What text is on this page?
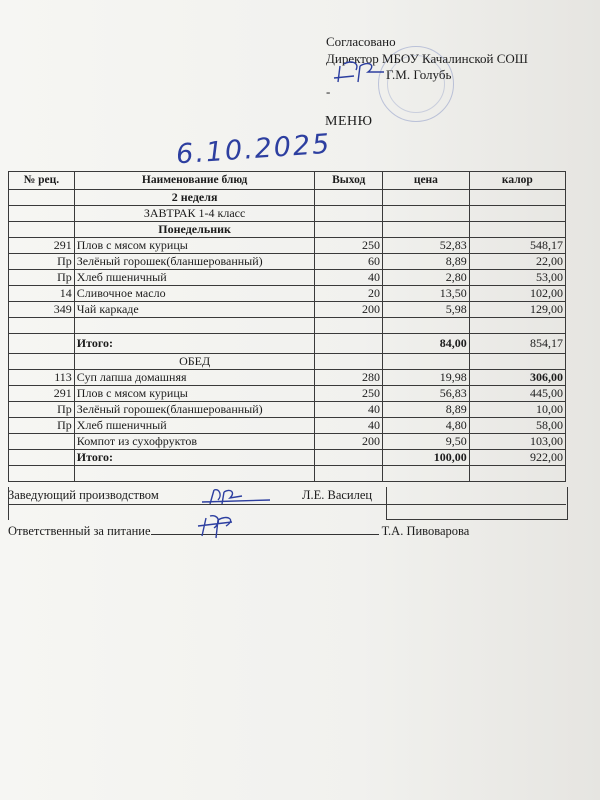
Согласовано
Директор МБОУ Качалинской СОШ
Г.М. Голубь
-
МЕНЮ
6.10.2025
№ рец.	Наименование блюд	Выход	цена	калор
	2 неделя			
	ЗАВТРАК 1-4 класс			
	Понедельник			
291	Плов с мясом курицы	250	52,83	548,17
Пр	Зелёный горошек(бланшерованный)	60	8,89	22,00
Пр	Хлеб пшеничный	40	2,80	53,00
14	Сливочное масло	20	13,50	102,00
349	Чай каркаде	200	5,98	129,00

	Итого:		84,00	854,17
	ОБЕД			
113	Суп лапша домашняя	280	19,98	306,00
291	Плов с мясом курицы	250	56,83	445,00
Пр	Зелёный горошек(бланшерованный)	40	8,89	10,00
Пр	Хлеб пшеничный	40	4,80	58,00
	Компот из сухофруктов	200	9,50	103,00
	Итого:		100,00	922,00

Заведующий производством	Л.Е. Василец
Ответственный за питание	Т.А. Пивоварова
